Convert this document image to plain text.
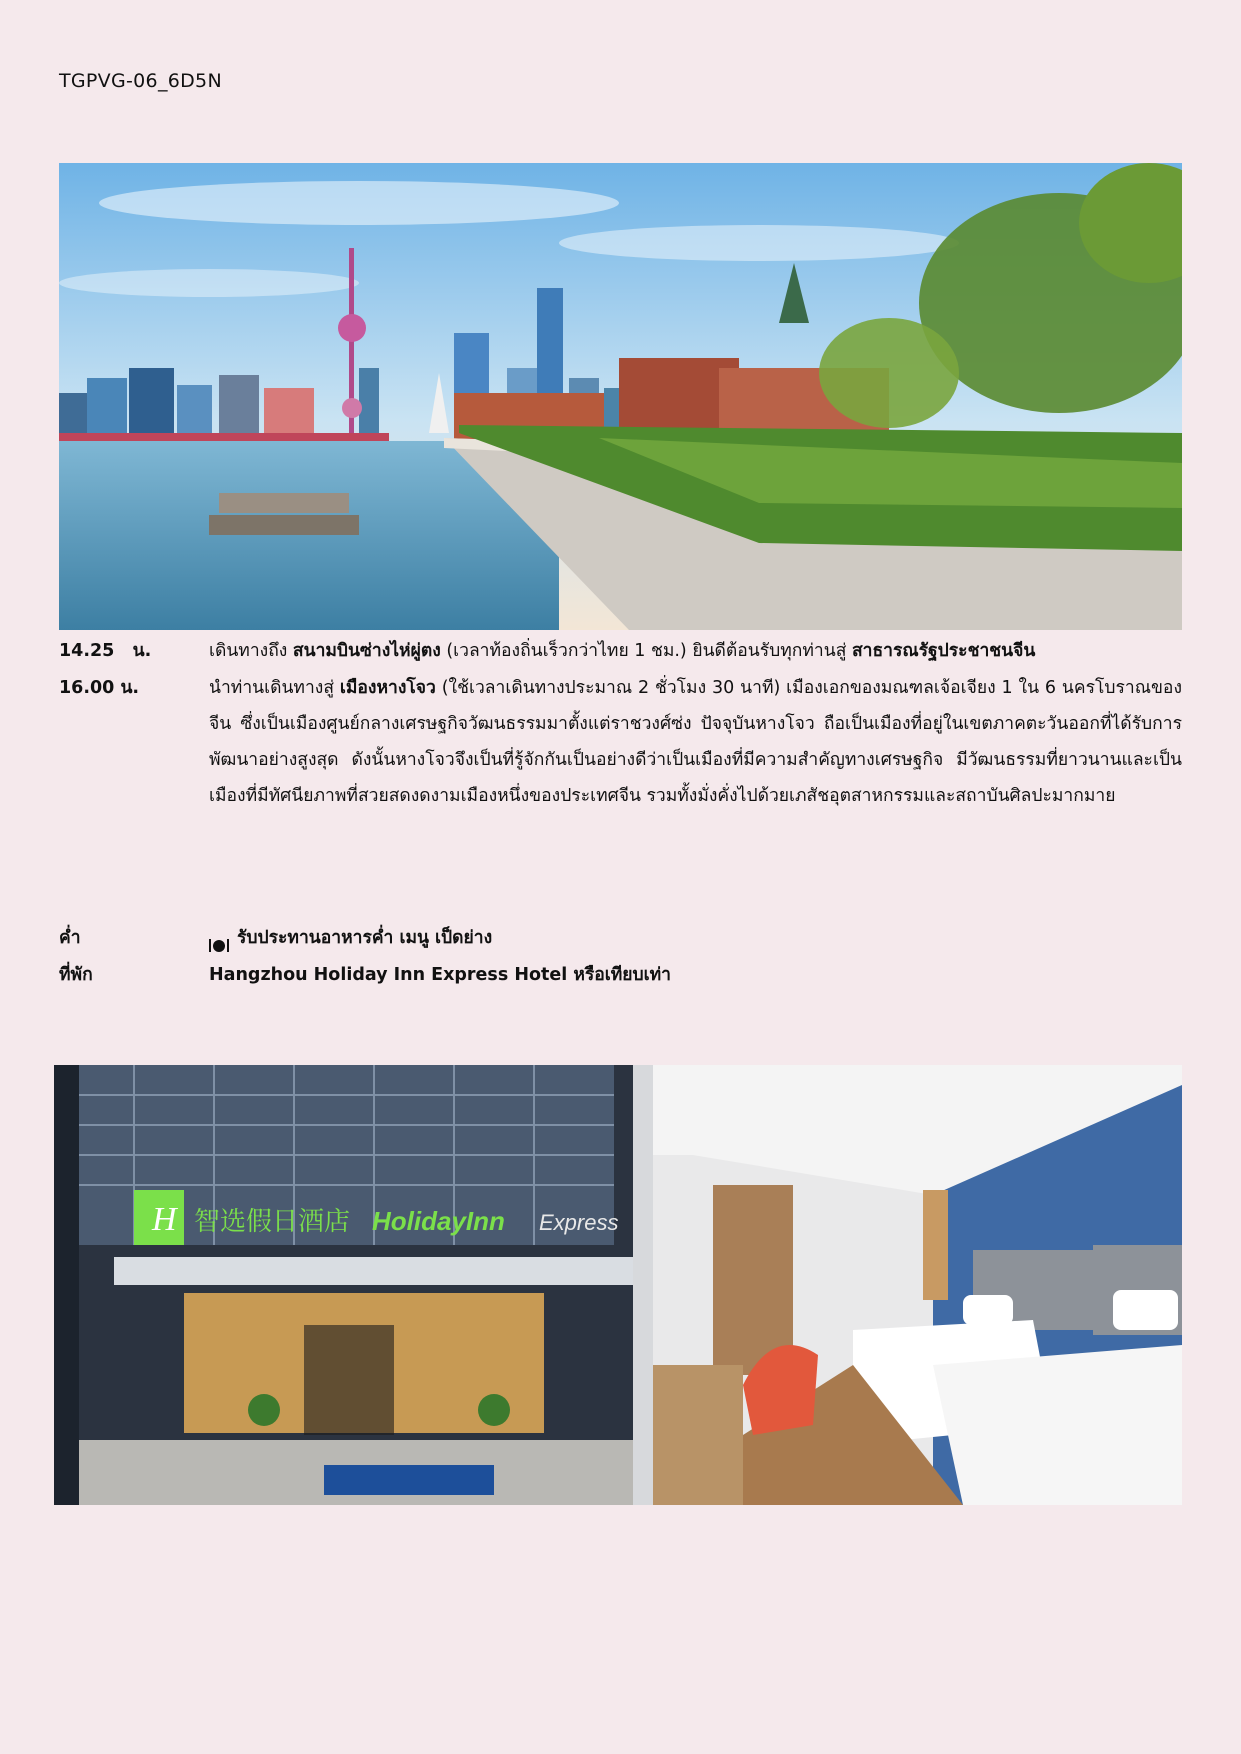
TGPVG-06_6D5N
14.25   น.	เดินทางถึง สนามบินซ่างไห่ผู่ตง (เวลาท้องถิ่นเร็วกว่าไทย 1 ชม.) ยินดีต้อนรับทุกท่านสู่ สาธารณรัฐประชาชนจีน
16.00 น.	นำท่านเดินทางสู่ เมืองหางโจว (ใช้เวลาเดินทางประมาณ 2 ชั่วโมง 30 นาที) เมืองเอกของมณฑลเจ้อเจียง 1 ใน 6 นครโบราณของจีน ซึ่งเป็นเมืองศูนย์กลางเศรษฐกิจวัฒนธรรมมาตั้งแต่ราชวงศ์ซ่ง ปัจจุบันหางโจว ถือเป็นเมืองที่อยู่ในเขตภาคตะวันออกที่ได้รับการพัฒนาอย่างสูงสุด ดังนั้นหางโจวจึงเป็นที่รู้จักกันเป็นอย่างดีว่าเป็นเมืองที่มีความสำคัญทางเศรษฐกิจ มีวัฒนธรรมที่ยาวนานและเป็นเมืองที่มีทัศนียภาพที่สวยสดงดงามเมืองหนึ่งของประเทศจีน รวมทั้งมั่งคั่งไปด้วยเภสัชอุตสาหกรรมและสถาบันศิลปะมากมาย
ค่ำ	รับประทานอาหารค่ำ เมนู เป็ดย่าง
ที่พัก	Hangzhou Holiday Inn Express Hotel หรือเทียบเท่า
H 智选假日酒店 HolidayInn Express
